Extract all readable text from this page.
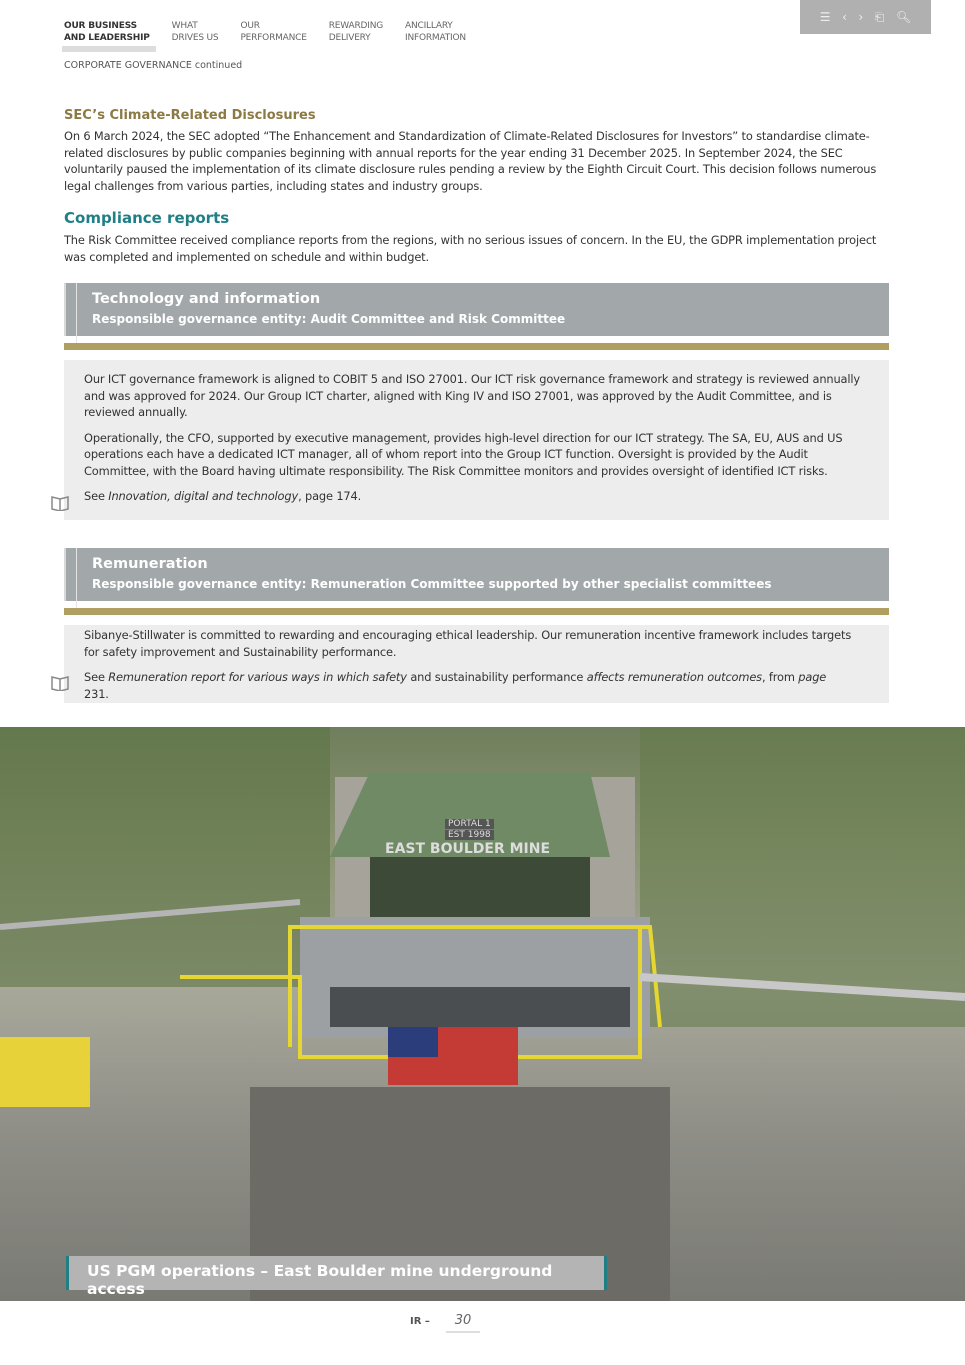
OUR BUSINESS
AND LEADERSHIP
WHAT
DRIVES US
OUR
PERFORMANCE
REWARDING
DELIVERY
ANCILLARY
INFORMATION
☰ ‹ › ⎗ 🔍︎
CORPORATE GOVERNANCE continued
SEC’s Climate-Related Disclosures
On 6 March 2024, the SEC adopted “The Enhancement and Standardization of Climate-Related Disclosures for Investors” to standardise climate-related disclosures by public companies beginning with annual reports for the year ending 31 December 2025. In September 2024, the SEC voluntarily paused the implementation of its climate disclosure rules pending a review by the Eighth Circuit Court. This decision follows numerous legal challenges from various parties, including states and industry groups.
Compliance reports
The Risk Committee received compliance reports from the regions, with no serious issues of concern. In the EU, the GDPR implementation project was completed and implemented on schedule and within budget.
Technology and information
Responsible governance entity: Audit Committee and Risk Committee

Our ICT governance framework is aligned to COBIT 5 and ISO 27001. Our ICT risk governance framework and strategy is reviewed annually and was approved for 2024. Our Group ICT charter, aligned with King IV and ISO 27001, was approved by the Audit Committee, and is reviewed annually.

Operationally, the CFO, supported by executive management, provides high-level direction for our ICT strategy. The SA, EU, AUS and US operations each have a dedicated ICT manager, all of whom report into the Group ICT function. Oversight is provided by the Audit Committee, with the Board having ultimate responsibility. The Risk Committee monitors and provides oversight of identified ICT risks.

See Innovation, digital and technology, page 174.

Remuneration
Responsible governance entity: Remuneration Committee supported by other specialist committees

Sibanye-Stillwater is committed to rewarding and encouraging ethical leadership. Our remuneration incentive framework includes targets for safety improvement and Sustainability performance.

See Remuneration report for various ways in which safety and sustainability performance affects remuneration outcomes, from page 231.

PORTAL 1
EST 1998
EAST BOULDER MINE
US PGM operations – East Boulder mine underground access
IR –	30
